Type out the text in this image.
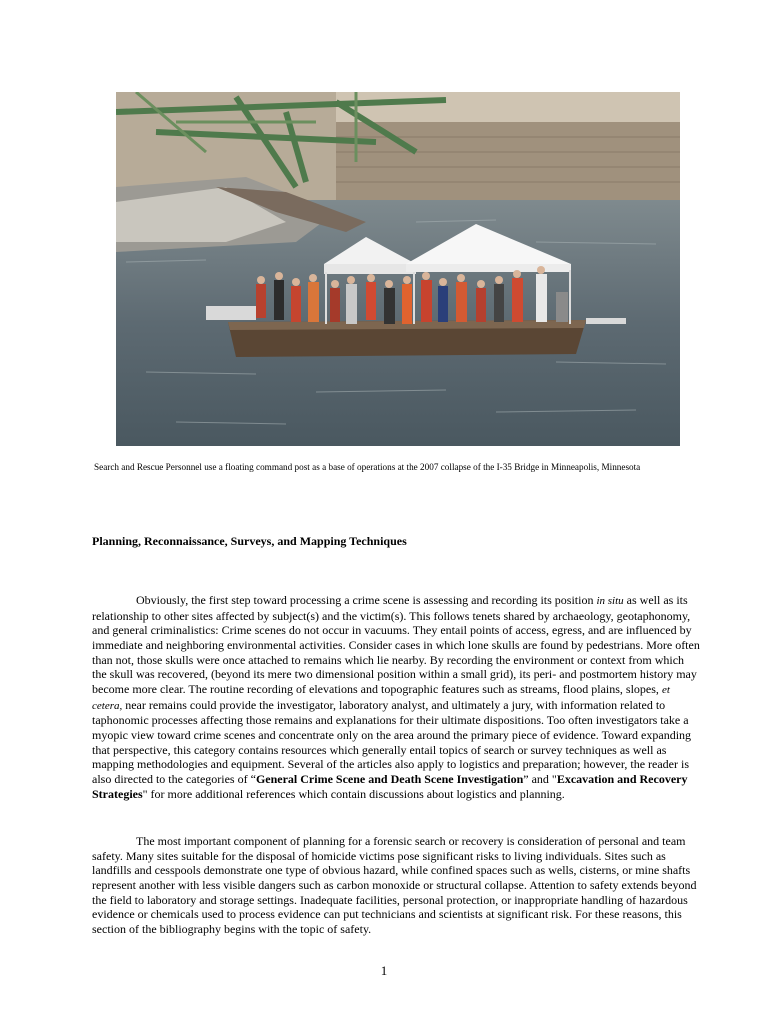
Search and Rescue Personnel use a floating command post as a base of operations at the 2007 collapse of the I-35 Bridge in Minneapolis, Minnesota
Planning, Reconnaissance, Surveys, and Mapping Techniques

Obviously, the first step toward processing a crime scene is assessing and recording its position in situ as well as its relationship to other sites affected by subject(s) and the victim(s). This follows tenets shared by archaeology, geotaphonomy, and general criminalistics: Crime scenes do not occur in vacuums. They entail points of access, egress, and are influenced by immediate and neighboring environmental activities. Consider cases in which lone skulls are found by pedestrians. More often than not, those skulls were once attached to remains which lie nearby. By recording the environment or context from which the skull was recovered, (beyond its mere two dimensional position within a small grid), its peri- and postmortem history may become more clear. The routine recording of elevations and topographic features such as streams, flood plains, slopes, et cetera, near remains could provide the investigator, laboratory analyst, and ultimately a jury, with information related to taphonomic processes affecting those remains and explanations for their ultimate dispositions. Too often investigators take a myopic view toward crime scenes and concentrate only on the area around the primary piece of evidence. Toward expanding that perspective, this category contains resources which generally entail topics of search or survey techniques as well as mapping methodologies and equipment. Several of the articles also apply to logistics and preparation; however, the reader is also directed to the categories of “General Crime Scene and Death Scene Investigation” and "Excavation and Recovery Strategies" for more additional references which contain discussions about logistics and planning.

The most important component of planning for a forensic search or recovery is consideration of personal and team safety. Many sites suitable for the disposal of homicide victims pose significant risks to living individuals. Sites such as landfills and cesspools demonstrate one type of obvious hazard, while confined spaces such as wells, cisterns, or mine shafts represent another with less visible dangers such as carbon monoxide or structural collapse. Attention to safety extends beyond the field to laboratory and storage settings. Inadequate facilities, personal protection, or inappropriate handling of hazardous evidence or chemicals used to process evidence can put technicians and scientists at significant risk. For these reasons, this section of the bibliography begins with the topic of safety.

1
